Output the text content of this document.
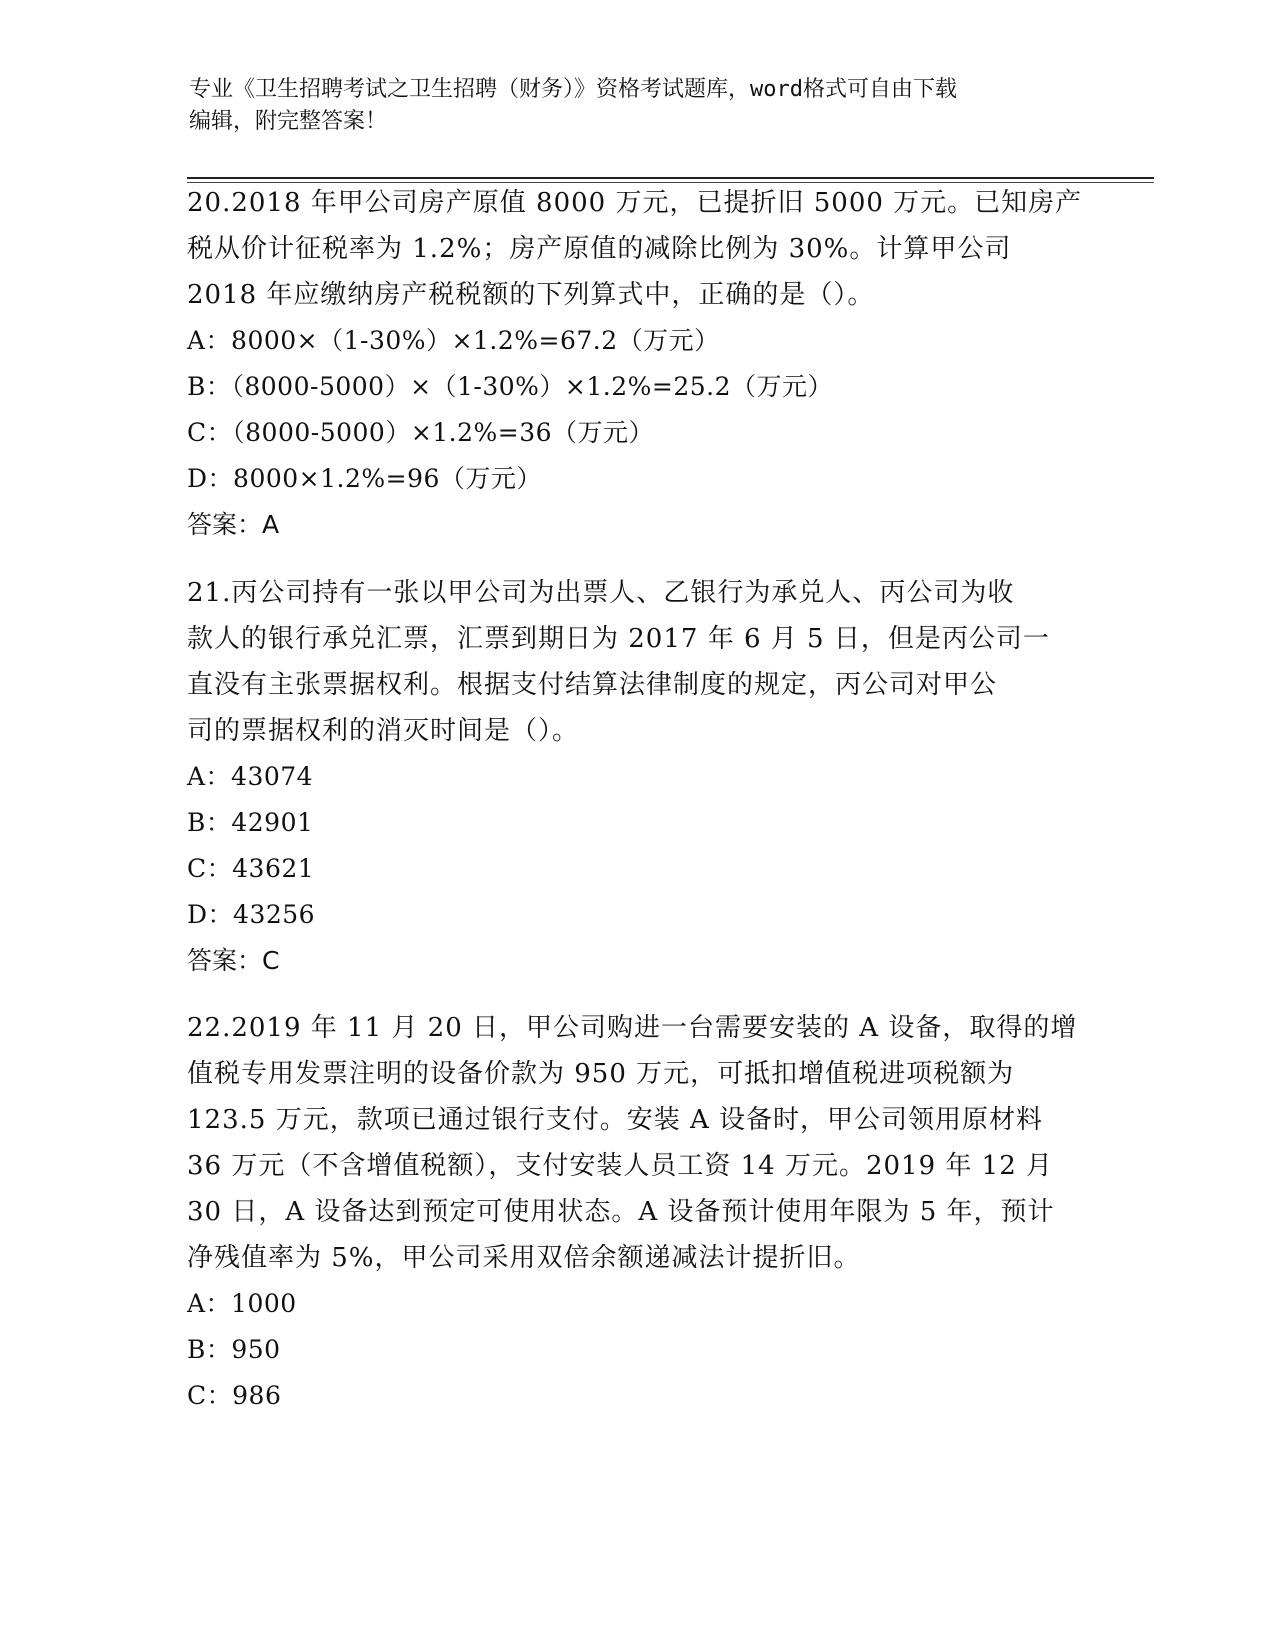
专业《卫生招聘考试之卫生招聘（财务）》资格考试题库，word格式可自由下载
编辑，附完整答案！
20.2018 年甲公司房产原值 8000 万元，已提折旧 5000 万元。已知房产
税从价计征税率为 1.2%；房产原值的减除比例为 30%。计算甲公司
2018 年应缴纳房产税税额的下列算式中，正确的是（）。
A：8000×（1-30%）×1.2%=67.2（万元）
B：（8000-5000）×（1-30%）×1.2%=25.2（万元）
C：（8000-5000）×1.2%=36（万元）
D：8000×1.2%=96（万元）
答案：A
21.丙公司持有一张以甲公司为出票人、乙银行为承兑人、丙公司为收
款人的银行承兑汇票，汇票到期日为 2017 年 6 月 5 日，但是丙公司一
直没有主张票据权利。根据支付结算法律制度的规定，丙公司对甲公
司的票据权利的消灭时间是（）。
A：43074
B：42901
C：43621
D：43256
答案：C
22.2019 年 11 月 20 日，甲公司购进一台需要安装的 A 设备，取得的增
值税专用发票注明的设备价款为 950 万元，可抵扣增值税进项税额为
123.5 万元，款项已通过银行支付。安装 A 设备时，甲公司领用原材料
36 万元（不含增值税额），支付安装人员工资 14 万元。2019 年 12 月
30 日，A 设备达到预定可使用状态。A 设备预计使用年限为 5 年，预计
净残值率为 5%，甲公司采用双倍余额递减法计提折旧。
A：1000
B：950
C：986
